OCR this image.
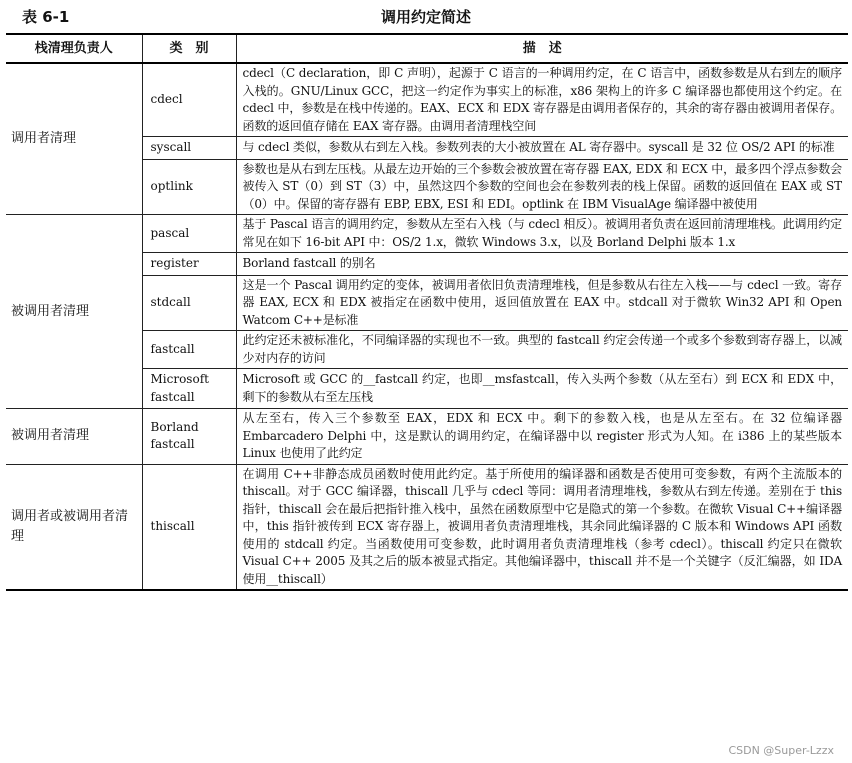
表 6-1	调用约定简述
栈清理负责人	类　别	描　述
调用者清理	cdecl	cdecl（C declaration，即 C 声明），起源于 C 语言的一种调用约定，在 C 语言中，函数参数是从右到左的顺序入栈的。GNU/Linux GCC，把这一约定作为事实上的标准，x86 架构上的许多 C 编译器也都使用这个约定。在 cdecl 中，参数是在栈中传递的。EAX、ECX 和 EDX 寄存器是由调用者保存的，其余的寄存器由被调用者保存。函数的返回值存储在 EAX 寄存器。由调用者清理栈空间
	syscall	与 cdecl 类似，参数从右到左入栈。参数列表的大小被放置在 AL 寄存器中。syscall 是 32 位 OS/2 API 的标准
	optlink	参数也是从右到左压栈。从最左边开始的三个参数会被放置在寄存器 EAX, EDX 和 ECX 中，最多四个浮点参数会被传入 ST（0）到 ST（3）中，虽然这四个参数的空间也会在参数列表的栈上保留。函数的返回值在 EAX 或 ST（0）中。保留的寄存器有 EBP, EBX, ESI 和 EDI。optlink 在 IBM VisualAge 编译器中被使用
被调用者清理	pascal	基于 Pascal 语言的调用约定，参数从左至右入栈（与 cdecl 相反）。被调用者负责在返回前清理堆栈。此调用约定常见在如下 16-bit API 中：OS/2 1.x，微软 Windows 3.x，以及 Borland Delphi 版本 1.x
	register	Borland fastcall 的别名
	stdcall	这是一个 Pascal 调用约定的变体，被调用者依旧负责清理堆栈，但是参数从右往左入栈——与 cdecl 一致。寄存器 EAX, ECX 和 EDX 被指定在函数中使用，返回值放置在 EAX 中。stdcall 对于微软 Win32 API 和 Open Watcom C++是标准
	fastcall	此约定还未被标准化，不同编译器的实现也不一致。典型的 fastcall 约定会传递一个或多个参数到寄存器上，以减少对内存的访问
	Microsoft fastcall	Microsoft 或 GCC 的__fastcall 约定，也即__msfastcall，传入头两个参数（从左至右）到 ECX 和 EDX 中，剩下的参数从右至左压栈
被调用者清理	Borland fastcall	从左至右，传入三个参数至 EAX，EDX 和 ECX 中。剩下的参数入栈，也是从左至右。在 32 位编译器 Embarcadero Delphi 中，这是默认的调用约定，在编译器中以 register 形式为人知。在 i386 上的某些版本 Linux 也使用了此约定
调用者或被调用者清理	thiscall	在调用 C++非静态成员函数时使用此约定。基于所使用的编译器和函数是否使用可变参数，有两个主流版本的 thiscall。对于 GCC 编译器，thiscall 几乎与 cdecl 等同：调用者清理堆栈，参数从右到左传递。差别在于 this 指针，thiscall 会在最后把指针推入栈中，虽然在函数原型中它是隐式的第一个参数。在微软 Visual C++编译器中，this 指针被传到 ECX 寄存器上，被调用者负责清理堆栈，其余同此编译器的 C 版本和 Windows API 函数使用的 stdcall 约定。当函数使用可变参数，此时调用者负责清理堆栈（参考 cdecl）。thiscall 约定只在微软 Visual C++ 2005 及其之后的版本被显式指定。其他编译器中，thiscall 并不是一个关键字（反汇编器，如 IDA 使用__thiscall）
CSDN @Super-Lzzx
